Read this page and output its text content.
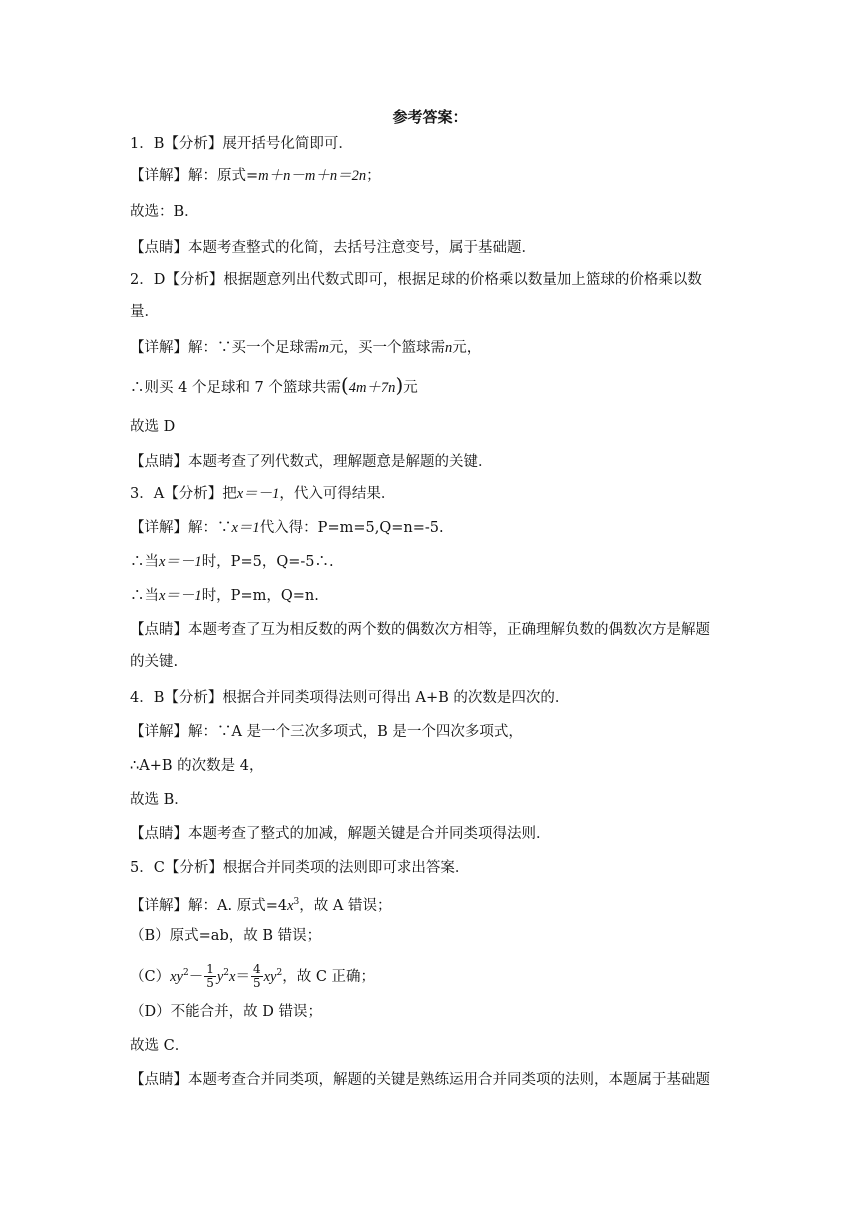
参考答案：
1．B【分析】展开括号化简即可．
【详解】解：原式=m＋n－m＋n＝2n；
故选：B．
【点睛】本题考查整式的化简，去括号注意变号，属于基础题．
2．D【分析】根据题意列出代数式即可，根据足球的价格乘以数量加上篮球的价格乘以数
量．
【详解】解：∵买一个足球需m元，买一个篮球需n元，
∴则买 4 个足球和 7 个篮球共需(4m＋7n)元
故选 D
【点睛】本题考查了列代数式，理解题意是解题的关键．
3．A【分析】把x＝－1，代入可得结果．
【详解】解：∵x＝1代入得：P=m=5,Q=n=-5.
∴当x＝－1时，P=5，Q=-5∴.
∴当x＝－1时，P=m，Q=n.
【点睛】本题考查了互为相反数的两个数的偶数次方相等，正确理解负数的偶数次方是解题
的关键.
4．B【分析】根据合并同类项得法则可得出 A+B 的次数是四次的．
【详解】解：∵A 是一个三次多项式，B 是一个四次多项式，
∴A+B 的次数是 4，
故选 B．
【点睛】本题考查了整式的加减，解题关键是合并同类项得法则．
5．C【分析】根据合并同类项的法则即可求出答案．
【详解】解：A. 原式$=4x^3$，故 A 错误；
（B）原式=ab，故 B 错误；
$(C)xy^2- \frac{1}{5} y^2x= \frac{4}{5} xy^2$，故 C 正确；
（D）不能合并，故 D 错误；
故选 C．
【点睛】本题考查合并同类项，解题的关键是熟练运用合并同类项的法则，本题属于基础题
